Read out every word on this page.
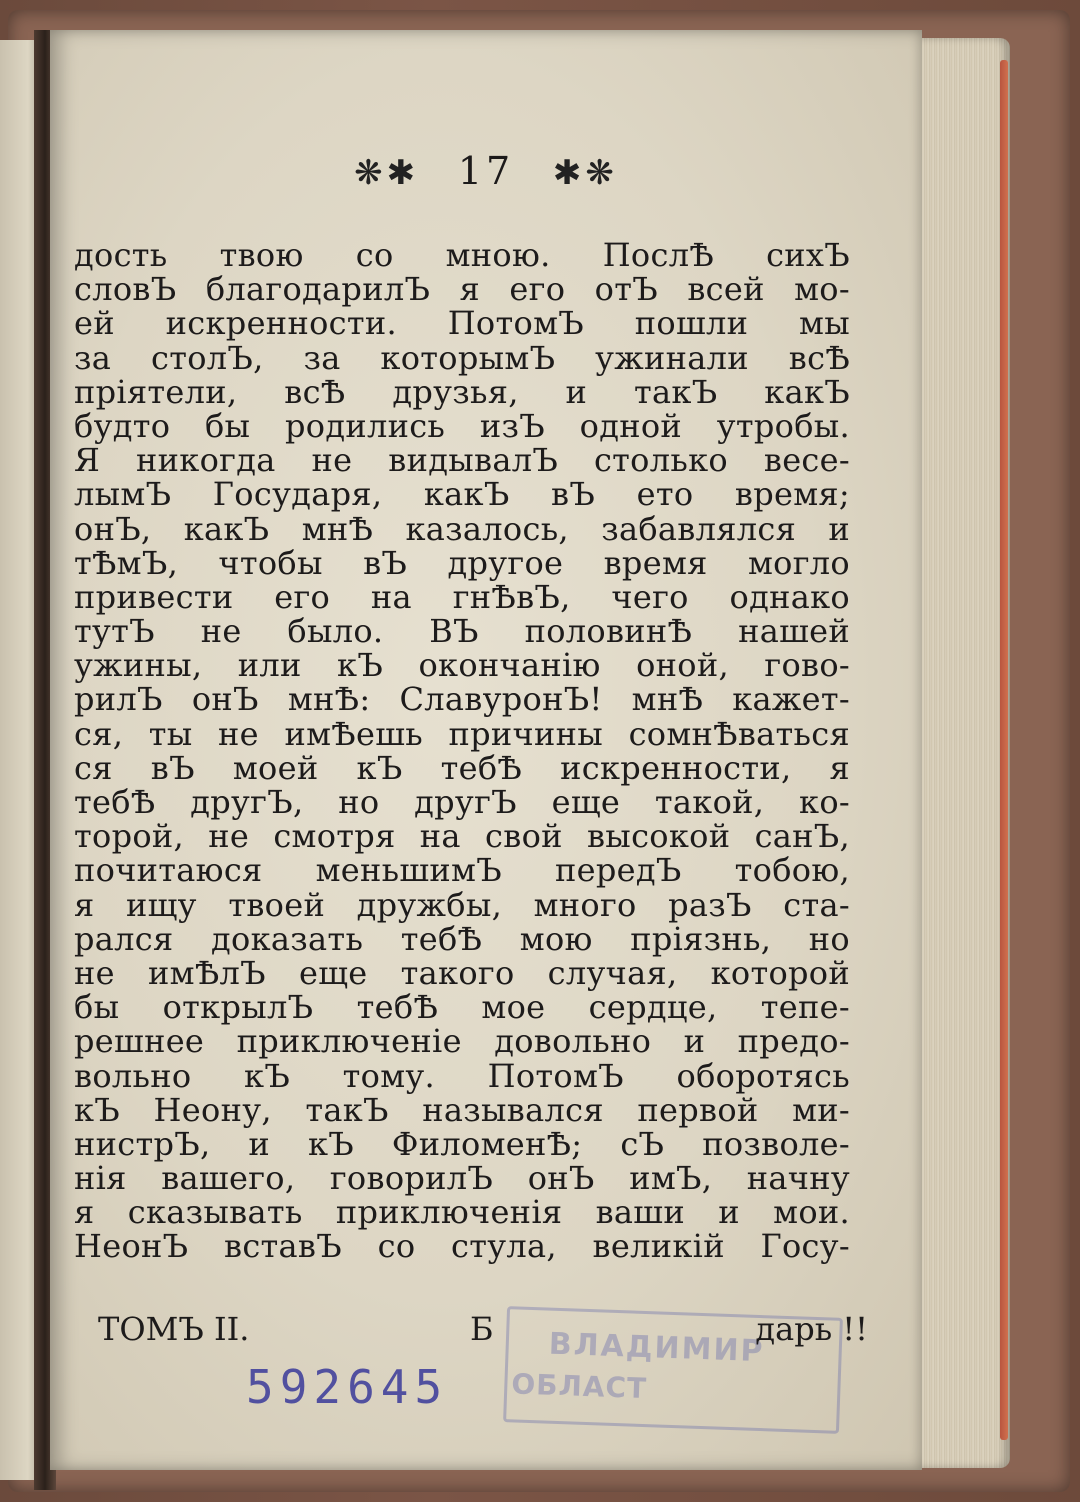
❋✱ 17 ✱❋
дость твою со мною. ПослѢ сихЪ
словЪ благодарилЪ я его отЪ всей мо-
ей искренности. ПотомЪ пошли мы
за столЪ, за которымЪ ужинали всѢ
пріятели, всѢ друзья, и такЪ какЪ
будто бы родились изЪ одной утробы.
Я никогда не видывалЪ столько весе-
лымЪ Государя, какЪ вЪ ето время;
онЪ, какЪ мнѢ казалось, забавлялся и
тѢмЪ, чтобы вЪ другое время могло
привести его на гнѢвЪ, чего однако
тутЪ не было. ВЪ половинѢ нашей
ужины, или кЪ окончанію оной, гово-
рилЪ онЪ мнѢ: СлавуронЪ! мнѢ кажет-
ся, ты не имѢешь причины сомнѢваться
ся вЪ моей кЪ тебѢ искренности, я
тебѢ другЪ, но другЪ еще такой, ко-
торой, не смотря на свой высокой санЪ,
почитаюся меньшимЪ передЪ тобою,
я ищу твоей дружбы, много разЪ ста-
рался доказать тебѢ мою пріязнь, но
не имѢлЪ еще такого случая, которой
бы открылЪ тебѢ мое сердце, тепе-
решнее приключеніе довольно и предо-
вольно кЪ тому. ПотомЪ оборотясь
кЪ Неону, такЪ назывался первой ми-
нистрЪ, и кЪ ФиломенѢ; сЪ позволе-
нія вашего, говорилЪ онЪ имЪ, начну
я сказывать приключенія ваши и мои.
НеонЪ вставЪ со стула, великій Госу-
ВЛАДИМИР
ОБЛАСТ
ТОМЪ II.	Б	дарь !!
592645
